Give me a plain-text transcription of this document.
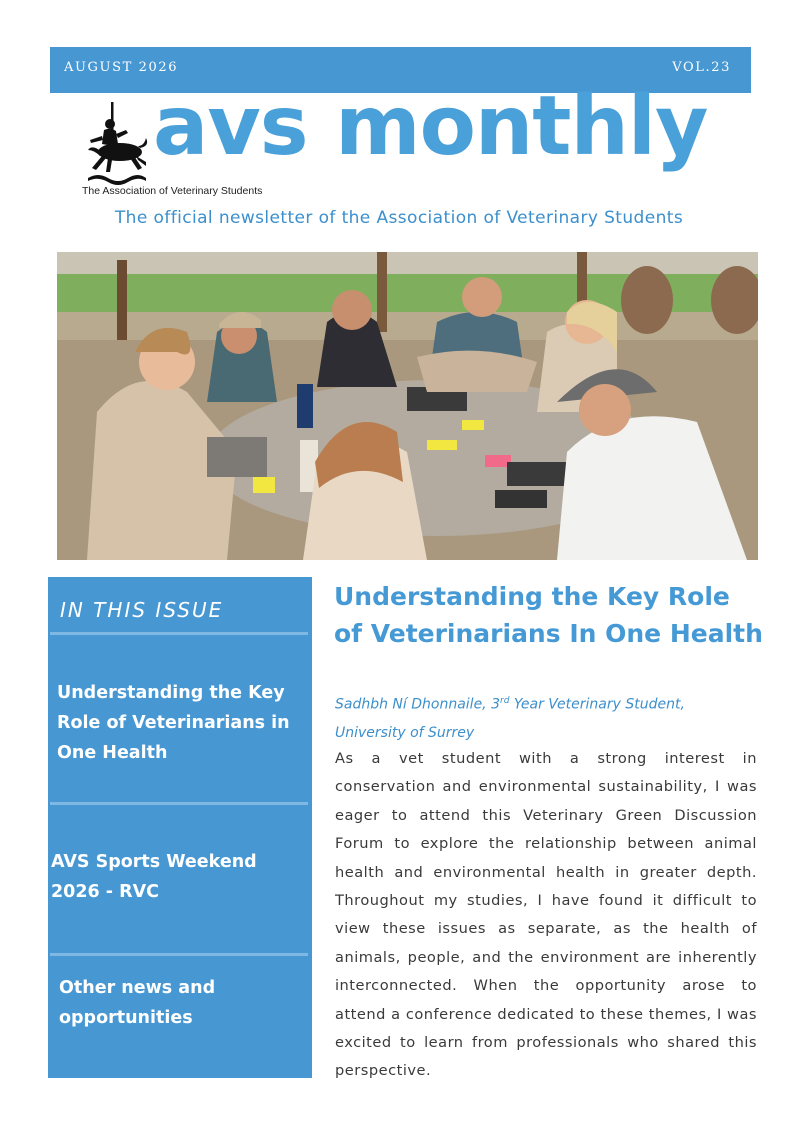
AUGUST 2026	VOL.23
The Association of Veterinary Students
avs monthly
The official newsletter of the Association of Veterinary Students
IN THIS ISSUE
Understanding the Key Role of Veterinarians in One Health
AVS Sports Weekend 2026 - RVC
Other news and opportunities
Understanding the Key Role of Veterinarians In One Health
Sadhbh Ní Dhonnaile, 3rd Year Veterinary Student,
University of Surrey
As a vet student with a strong interest in conservation and environmental sustainability, I was eager to attend this Veterinary Green Discussion Forum to explore the relationship between animal health and environmental health in greater depth. Throughout my studies, I have found it difficult to view these issues as separate, as the health of animals, people, and the environment are inherently interconnected. When the opportunity arose to attend a conference dedicated to these themes, I was excited to learn from professionals who shared this perspective.
